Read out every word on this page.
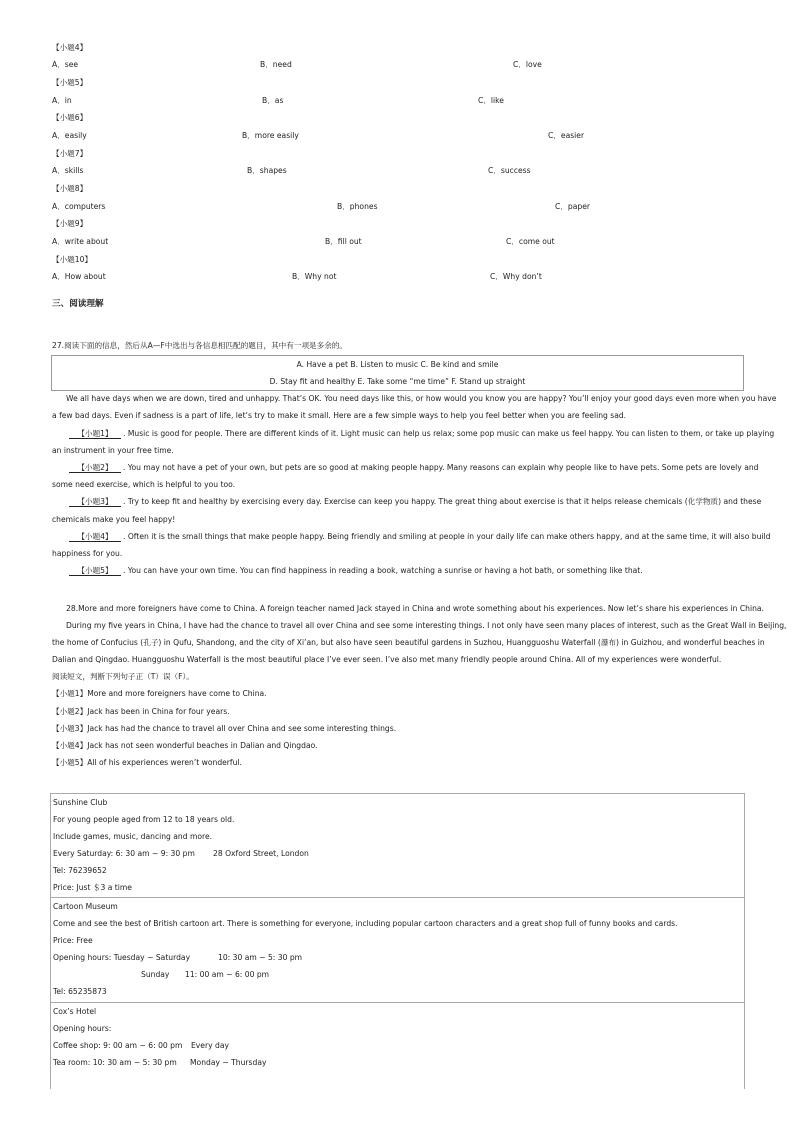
【小题4】
A．see	B．need	C．love
【小题5】
A．in	B．as	C．like
【小题6】
A．easily	B．more easily	C．easier
【小题7】
A．skills	B．shapes	C．success
【小题8】
A．computers	B．phones	C．paper
【小题9】
A．write about	B．fill out	C．come out
【小题10】
A．How about	B．Why not	C．Why don’t
三、阅读理解
27.阅读下面的信息，然后从A—F中选出与各信息相匹配的题目，其中有一项是多余的。
A. Have a pet B. Listen to music C. Be kind and smile
D. Stay fit and healthy E. Take some “me time” F. Stand up straight
We all have days when we are down, tired and unhappy. That’s OK. You need days like this, or how would you know you are happy? You’ll enjoy your good days even more when you have
a few bad days. Even if sadness is a part of life, let’s try to make it small. Here are a few simple ways to help you feel better when you are feeling sad.
【小题1】 . Music is good for people. There are different kinds of it. Light music can help us relax; some pop music can make us feel happy. You can listen to them, or take up playing
an instrument in your free time.
【小题2】 . You may not have a pet of your own, but pets are so good at making people happy. Many reasons can explain why people like to have pets. Some pets are lovely and
some need exercise, which is helpful to you too.
【小题3】 . Try to keep fit and healthy by exercising every day. Exercise can keep you happy. The great thing about exercise is that it helps release chemicals (化学物质) and these
chemicals make you feel happy!
【小题4】 . Often it is the small things that make people happy. Being friendly and smiling at people in your daily life can make others happy, and at the same time, it will also build
happiness for you.
【小题5】 . You can have your own time. You can find happiness in reading a book, watching a sunrise or having a hot bath, or something like that.
28.More and more foreigners have come to China. A foreign teacher named Jack stayed in China and wrote something about his experiences. Now let’s share his experiences in China.
During my five years in China, I have had the chance to travel all over China and see some interesting things. I not only have seen many places of interest, such as the Great Wall in Beijing,
the home of Confucius (孔子) in Qufu, Shandong, and the city of Xi’an, but also have seen beautiful gardens in Suzhou, Huangguoshu Waterfall (瀑布) in Guizhou, and wonderful beaches in
Dalian and Qingdao. Huangguoshu Waterfall is the most beautiful place I’ve ever seen. I’ve also met many friendly people around China. All of my experiences were wonderful.
阅读短文，判断下列句子正（T）误（F）。
【小题1】More and more foreigners have come to China.
【小题2】Jack has been in China for four years.
【小题3】Jack has had the chance to travel all over China and see some interesting things.
【小题4】Jack has not seen wonderful beaches in Dalian and Qingdao.
【小题5】All of his experiences weren’t wonderful.
Sunshine Club
For young people aged from 12 to 18 years old.
Include games, music, dancing and more.
Every Saturday: 6: 30 am ~ 9: 30 pm 28 Oxford Street, London
Tel: 76239652
Price: Just ＄3 a time
Cartoon Museum
Come and see the best of British cartoon art. There is something for everyone, including popular cartoon characters and a great shop full of funny books and cards.
Price: Free
Opening hours: Tuesday ~ Saturday	10: 30 am ~ 5: 30 pm
Sunday 11: 00 am ~ 6: 00 pm
Tel: 65235873
Cox’s Hotel
Opening hours:
Coffee shop: 9: 00 am ~ 6: 00 pm Every day
Tea room: 10: 30 am ~ 5: 30 pm Monday ~ Thursday
